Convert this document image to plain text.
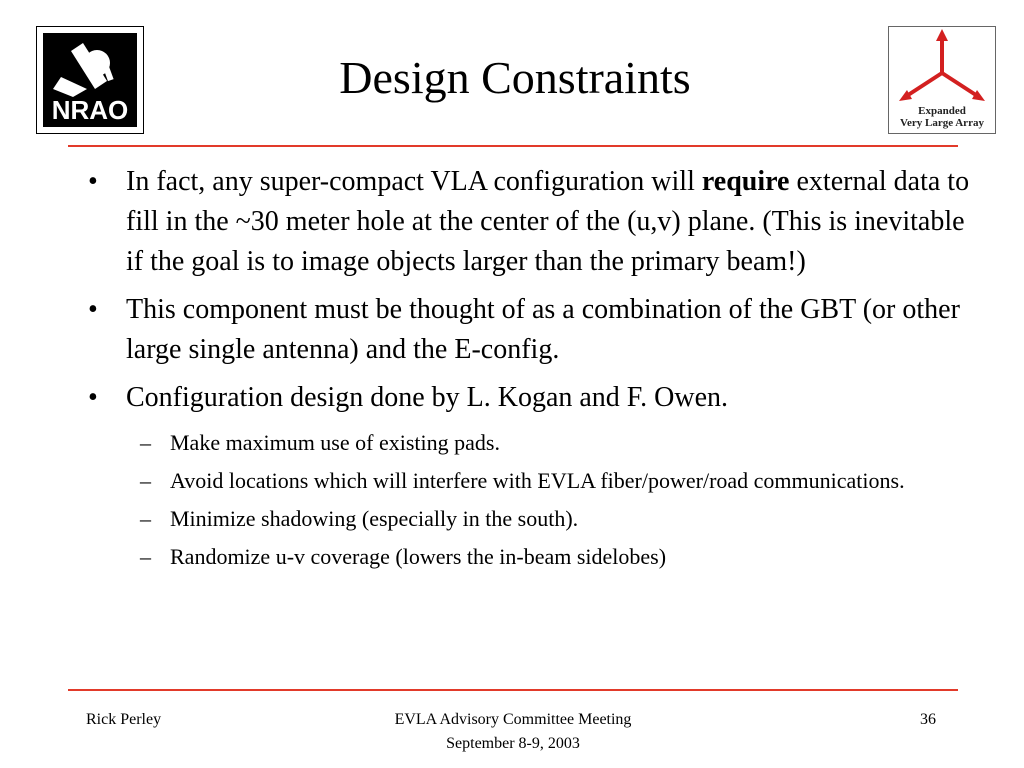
NRAO
Design Constraints
Expanded
Very Large Array
• In fact, any super-compact VLA configuration will require external data to fill in the ~30 meter hole at the center of the (u,v) plane. (This is inevitable if the goal is to image objects larger than the primary beam!)
• This component must be thought of as a combination of the GBT (or other large single antenna) and the E-config.
• Configuration design done by L. Kogan and F. Owen.
– Make maximum use of existing pads.
– Avoid locations which will interfere with EVLA fiber/power/road communications.
– Minimize shadowing (especially in the south).
– Randomize u-v coverage (lowers the in-beam sidelobes)
Rick Perley	EVLA Advisory Committee Meeting
September 8-9, 2003
36
